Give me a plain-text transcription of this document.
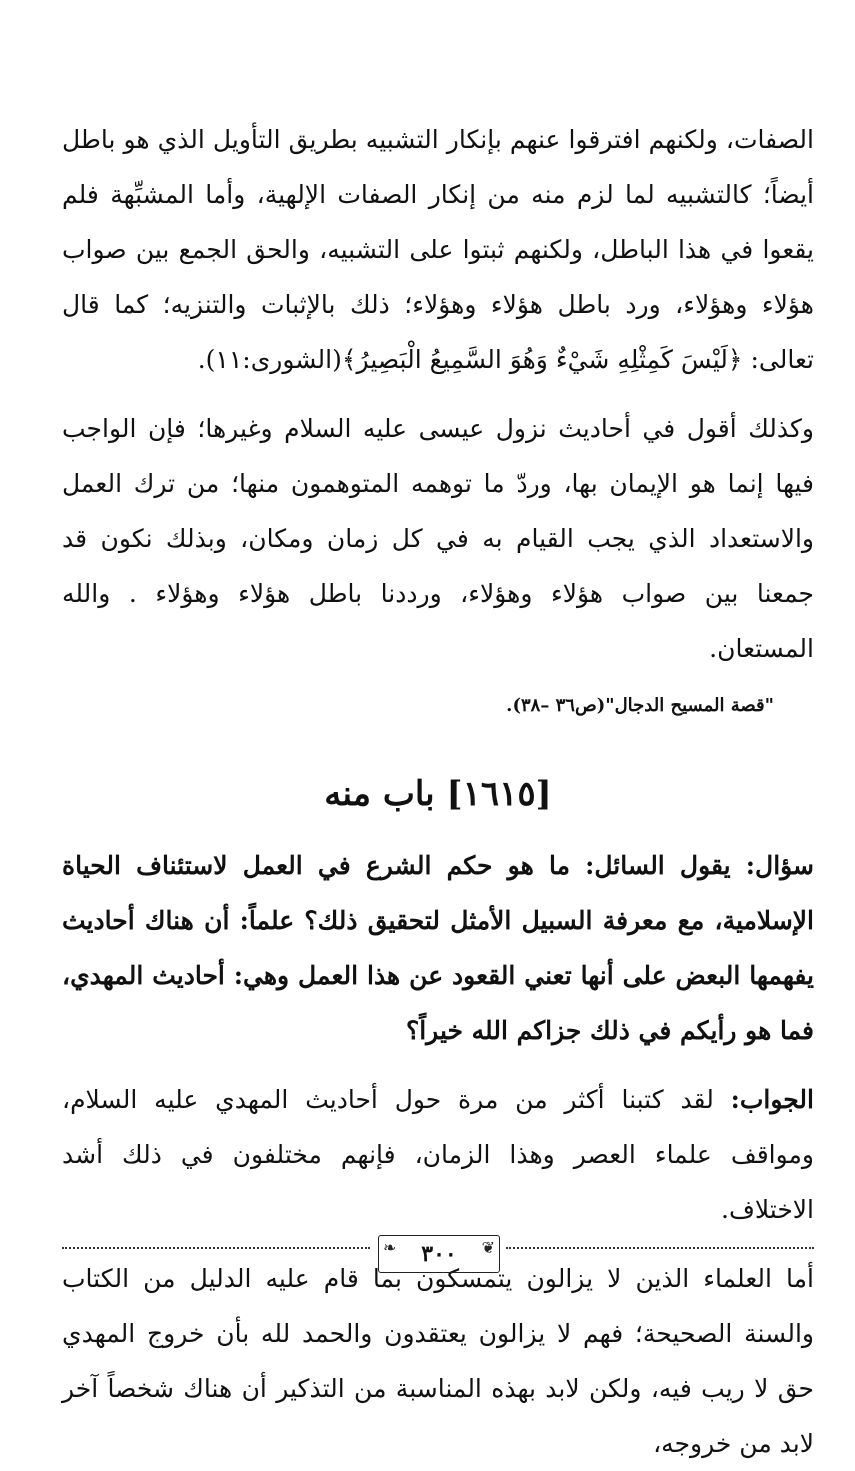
الصفات، ولكنهم افترقوا عنهم بإنكار التشبيه بطريق التأويل الذي هو باطل أيضاً؛ كالتشبيه لما لزم منه من إنكار الصفات الإلهية، وأما المشبِّهة فلم يقعوا في هذا الباطل، ولكنهم ثبتوا على التشبيه، والحق الجمع بين صواب هؤلاء وهؤلاء، ورد باطل هؤلاء وهؤلاء؛ ذلك بالإثبات والتنزيه؛ كما قال تعالى: ﴿لَيْسَ كَمِثْلِهِ شَيْءٌ وَهُوَ السَّمِيعُ الْبَصِيرُ﴾(الشورى:١١).

وكذلك أقول في أحاديث نزول عيسى عليه السلام وغيرها؛ فإن الواجب فيها إنما هو الإيمان بها، وردّ ما توهمه المتوهمون منها؛ من ترك العمل والاستعداد الذي يجب القيام به في كل زمان ومكان، وبذلك نكون قد جمعنا بين صواب هؤلاء وهؤلاء، ورددنا باطل هؤلاء وهؤلاء . والله المستعان.

"قصة المسيح الدجال"(ص٣٦ –٣٨).
[١٦١٥] باب منه

سؤال: يقول السائل: ما هو حكم الشرع في العمل لاستئناف الحياة الإسلامية، مع معرفة السبيل الأمثل لتحقيق ذلك؟ علماً: أن هناك أحاديث يفهمها البعض على أنها تعني القعود عن هذا العمل وهي: أحاديث المهدي، فما هو رأيكم في ذلك جزاكم الله خيراً؟

الجواب: لقد كتبنا أكثر من مرة حول أحاديث المهدي عليه السلام، ومواقف علماء العصر وهذا الزمان، فإنهم مختلفون في ذلك أشد الاختلاف.

أما العلماء الذين لا يزالون يتمسكون بما قام عليه الدليل من الكتاب والسنة الصحيحة؛ فهم لا يزالون يعتقدون والحمد لله بأن خروج المهدي حق لا ريب فيه، ولكن لابد بهذه المناسبة من التذكير أن هناك شخصاً آخر لابد من خروجه،

❧ ٣٠٠ ❦
